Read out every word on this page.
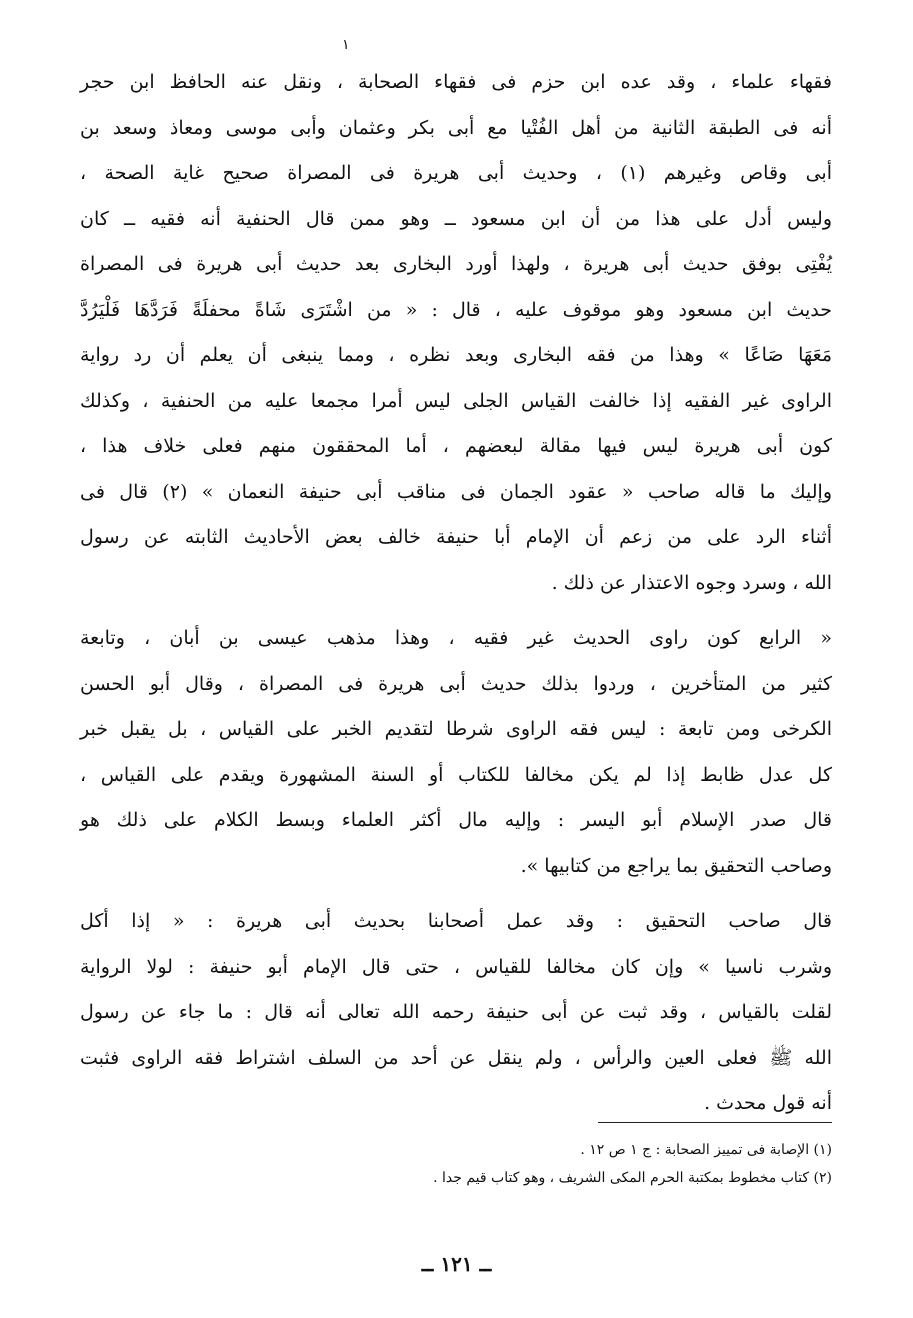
١
فقهاء علماء ، وقد عده ابن حزم فى فقهاء الصحابة ، ونقل عنه الحافظ ابن حجر
أنه فى الطبقة الثانية من أهل الفُتْيا مع أبى بكر وعثمان وأبى موسى ومعاذ وسعد بن
أبى وقاص وغيرهم (١) ، وحديث أبى هريرة فى المصراة صحيح غاية الصحة ،
وليس أدل على هذا من أن ابن مسعود ــ وهو ممن قال الحنفية أنه فقيه ــ كان
يُفْتِى بوفق حديث أبى هريرة ، ولهذا أورد البخارى بعد حديث أبى هريرة فى المصراة
حديث ابن مسعود وهو موقوف عليه ، قال : « من اشْتَرَى شَاةً محفلَةً فَرَدَّهَا فَلْيَرُدَّ
مَعَهَا صَاعًا » وهذا من فقه البخارى وبعد نظره ، ومما ينبغى أن يعلم أن رد رواية
الراوى غير الفقيه إذا خالفت القياس الجلى ليس أمرا مجمعا عليه من الحنفية ، وكذلك
كون أبى هريرة ليس فيها مقالة لبعضهم ، أما المحققون منهم فعلى خلاف هذا ،
وإليك ما قاله صاحب « عقود الجمان فى مناقب أبى حنيفة النعمان » (٢) قال فى
أثناء الرد على من زعم أن الإمام أبا حنيفة خالف بعض الأحاديث الثابته عن رسول
الله ، وسرد وجوه الاعتذار عن ذلك .
« الرابع كون راوى الحديث غير فقيه ، وهذا مذهب عيسى بن أبان ، وتابعة
كثير من المتأخرين ، وردوا بذلك حديث أبى هريرة فى المصراة ، وقال أبو الحسن
الكرخى ومن تابعة : ليس فقه الراوى شرطا لتقديم الخبر على القياس ، بل يقبل خبر
كل عدل ظابط إذا لم يكن مخالفا للكتاب أو السنة المشهورة ويقدم على القياس ،
قال صدر الإسلام أبو اليسر : وإليه مال أكثر العلماء وبسط الكلام على ذلك هو
وصاحب التحقيق بما يراجع من كتابيها ».
قال صاحب التحقيق : وقد عمل أصحابنا بحديث أبى هريرة : « إذا أكل
وشرب ناسيا » وإن كان مخالفا للقياس ، حتى قال الإمام أبو حنيفة : لولا الرواية
لقلت بالقياس ، وقد ثبت عن أبى حنيفة رحمه الله تعالى أنه قال : ما جاء عن رسول
الله ﷺ فعلى العين والرأس ، ولم ينقل عن أحد من السلف اشتراط فقه الراوى فثبت
أنه قول محدث .
(١) الإصابة فى تمييز الصحابة : ج ١ ص ١٢ .
(٢) كتاب مخطوط بمكتبة الحرم المكى الشريف ، وهو كتاب قيم جدا .
ــ ١٢١ ــ
